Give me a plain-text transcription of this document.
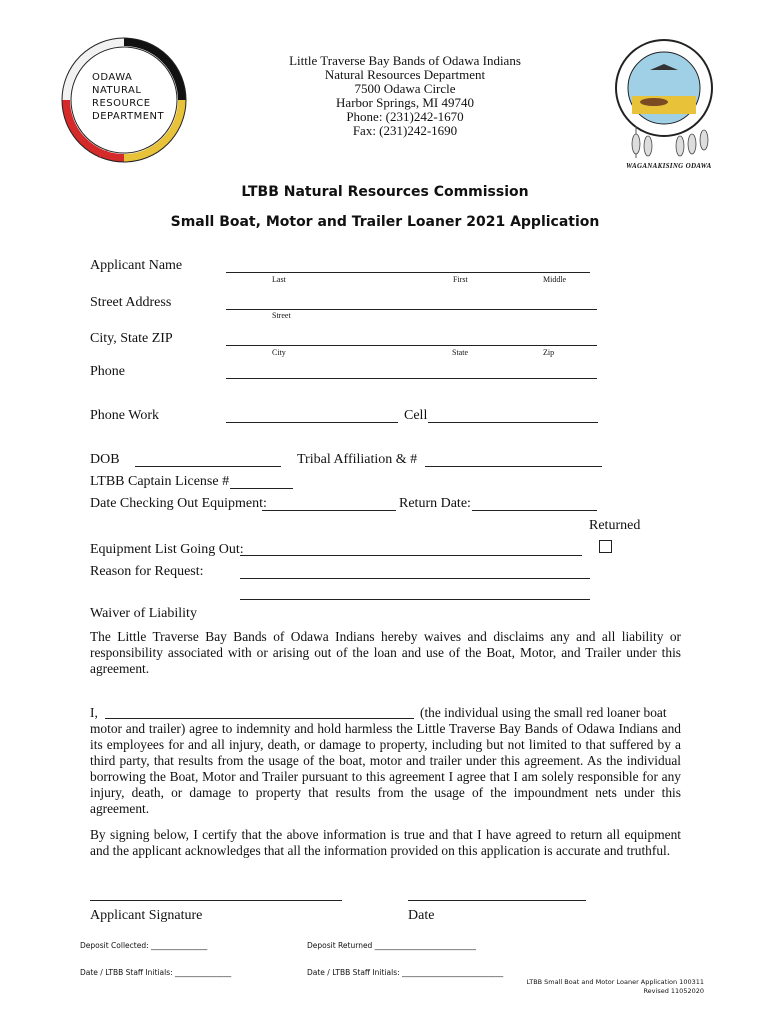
ODAWA
NATURAL
RESOURCE
DEPARTMENT
Little Traverse Bay Bands of Odawa Indians
Natural Resources Department
7500 Odawa Circle
Harbor Springs, MI 49740
Phone: (231)242-1670
Fax: (231)242-1690
WAGANAKISING ODAWA
LTBB Natural Resources Commission
Small Boat, Motor and Trailer Loaner 2021 Application
Applicant Name
Last	First	Middle
Street Address
Street
City, State ZIP
City	State	Zip
Phone
Phone Work	Cell
DOB	Tribal Affiliation & #
LTBB Captain License #
Date Checking Out Equipment:	Return Date:
Returned
Equipment List Going Out:
Reason for Request:
Waiver of Liability
The Little Traverse Bay Bands of Odawa Indians hereby waives and disclaims any and all liability or responsibility associated with or arising out of the loan and use of the Boat, Motor, and Trailer under this agreement.
I,	(the individual using the small red loaner boat
motor and trailer) agree to indemnity and hold harmless the Little Traverse Bay Bands of Odawa Indians and its employees for and all injury, death, or damage to property, including but not limited to that suffered by a third party, that results from the usage of the boat, motor and trailer under this agreement. As the individual borrowing the Boat, Motor and Trailer pursuant to this agreement I agree that I am solely responsible for any injury, death, or damage to property that results from the usage of the impoundment nets under this agreement.
By signing below, I certify that the above information is true and that I have agreed to return all equipment and the applicant acknowledges that all the information provided on this application is accurate and truthful.
Applicant Signature	Date
Deposit Collected: _______________	Deposit Returned ___________________________
Date / LTBB Staff Initials: _______________	Date / LTBB Staff Initials: ___________________________
LTBB Small Boat and Motor Loaner Application 100311
Revised 11052020
